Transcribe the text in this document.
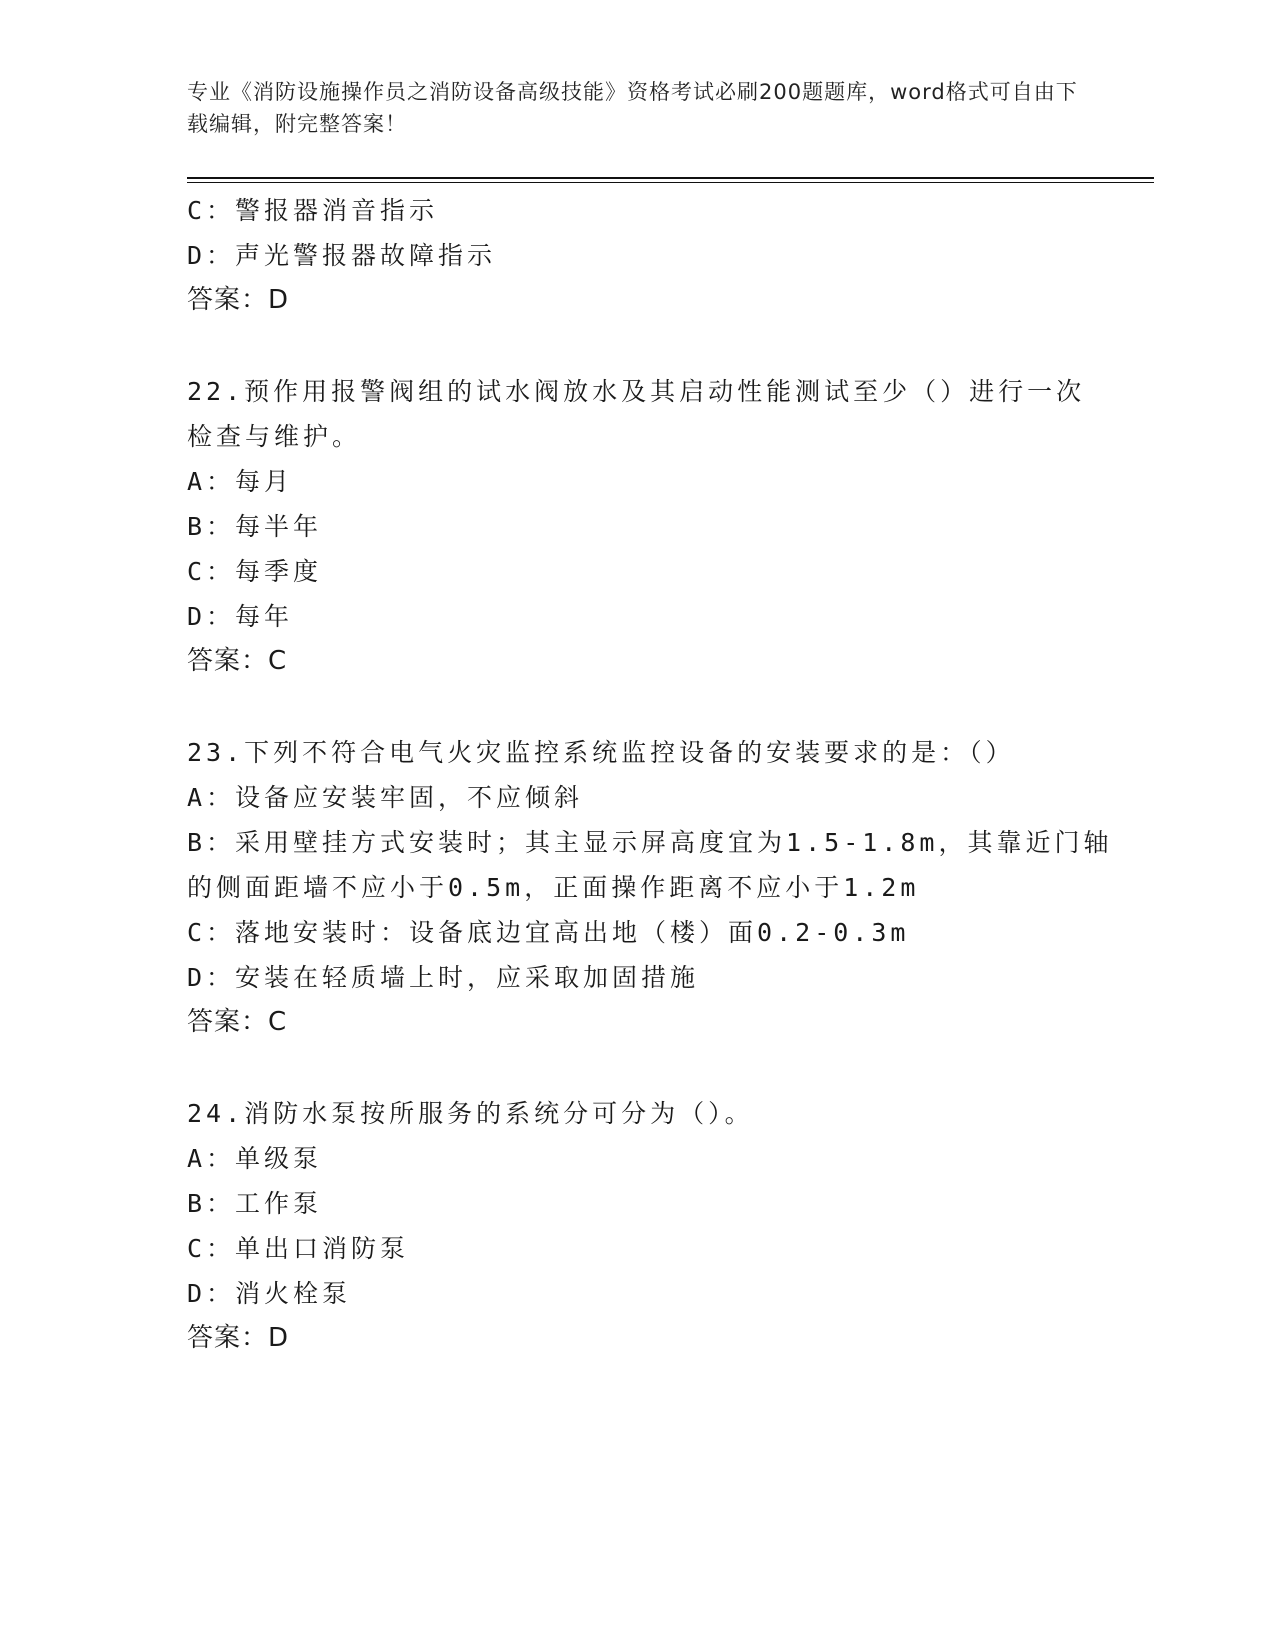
专业《消防设施操作员之消防设备高级技能》资格考试必刷200题题库，word格式可自由下载编辑，附完整答案！
C：警报器消音指示
D：声光警报器故障指示
答案：D
22.预作用报警阀组的试水阀放水及其启动性能测试至少（）进行一次
检查与维护。
A：每月
B：每半年
C：每季度
D：每年
答案：C
23.下列不符合电气火灾监控系统监控设备的安装要求的是：（）
A：设备应安装牢固，不应倾斜
B：采用壁挂方式安装时；其主显示屏高度宜为1.5-1.8m，其靠近门轴
的侧面距墙不应小于0.5m，正面操作距离不应小于1.2m
C：落地安装时：设备底边宜高出地（楼）面0.2-0.3m
D：安装在轻质墙上时，应采取加固措施
答案：C
24.消防水泵按所服务的系统分可分为（）。
A：单级泵
B：工作泵
C：单出口消防泵
D：消火栓泵
答案：D
